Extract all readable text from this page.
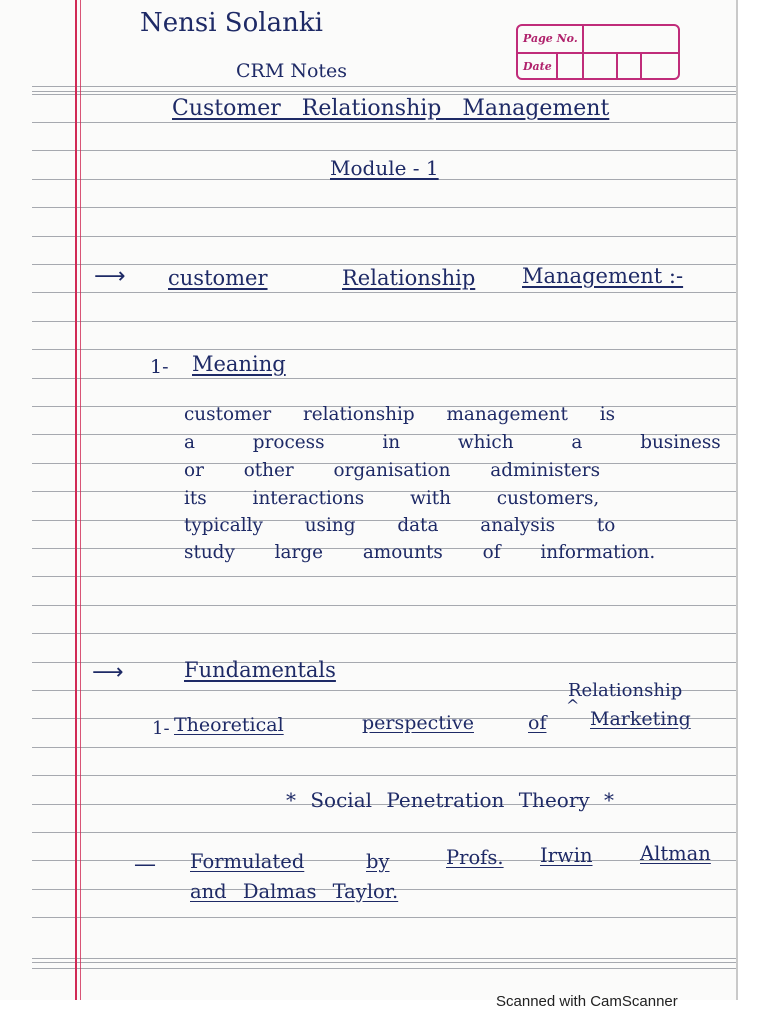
Nensi Solanki
CRM Notes
Page No.
Date
Customer Relationship Management
Module - 1
⟶ customer	Relationship Management :-
1- Meaning
customer relationship management is
a process in which a business
or other organisation administers
its interactions with customers,
typically using data analysis to
study large amounts of information.
⟶	Fundamentals
Relationship
^
1- Theoretical	perspective	of Marketing
* Social Penetration Theory *
— Formulated	by	Profs. Irwin Altman
and Dalmas Taylor.
Scanned with CamScanner
